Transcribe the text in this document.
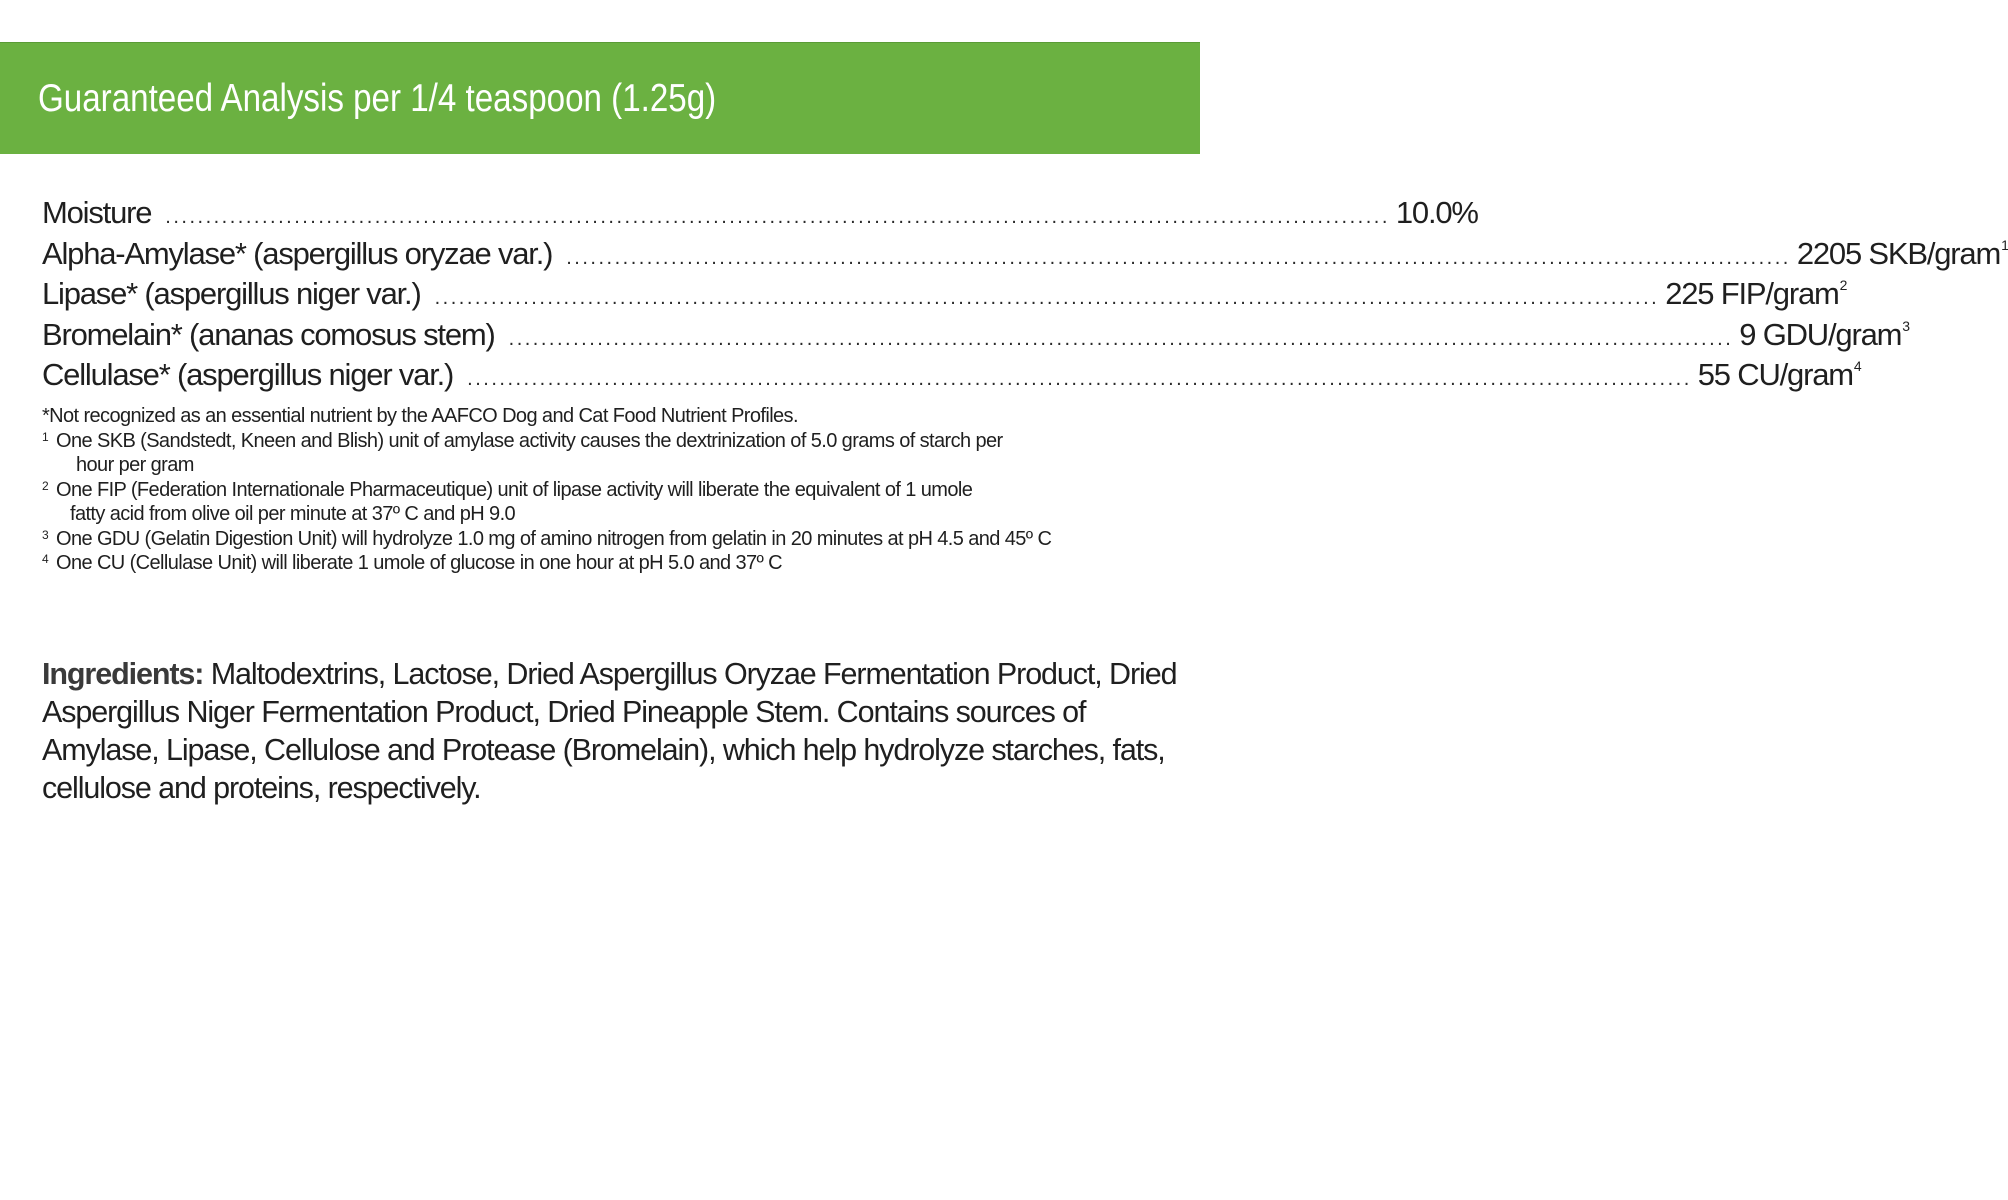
Guaranteed Analysis per 1/4 teaspoon (1.25g)
Moisture ........................................................................................................................................................ 10.0%
Alpha-Amylase* (aspergillus oryzae var.) ........................................................................................................................................................ 2205 SKB/gram$^1$
Lipase* (aspergillus niger var.) ........................................................................................................................................................ 225 FIP/gram$^2$
Bromelain* (ananas comosus stem) ........................................................................................................................................................ 9 GDU/gram$^3$
Cellulase* (aspergillus niger var.) ........................................................................................................................................................ 55 CU/gram$^4$
*Not recognized as an essential nutrient by the AAFCO Dog and Cat Food Nutrient Profiles.
1 One SKB (Sandstedt, Kneen and Blish) unit of amylase activity causes the dextrinization of 5.0 grams of starch per
hour per gram
2 One FIP (Federation Internationale Pharmaceutique) unit of lipase activity will liberate the equivalent of 1 umole
fatty acid from olive oil per minute at 37º C and pH 9.0
3 One GDU (Gelatin Digestion Unit) will hydrolyze 1.0 mg of amino nitrogen from gelatin in 20 minutes at pH 4.5 and 45º C
4 One CU (Cellulase Unit) will liberate 1 umole of glucose in one hour at pH 5.0 and 37º C
Ingredients: Maltodextrins, Lactose, Dried Aspergillus Oryzae Fermentation Product, Dried Aspergillus Niger Fermentation Product, Dried Pineapple Stem. Contains sources of Amylase, Lipase, Cellulose and Protease (Bromelain), which help hydrolyze starches, fats, cellulose and proteins, respectively.
